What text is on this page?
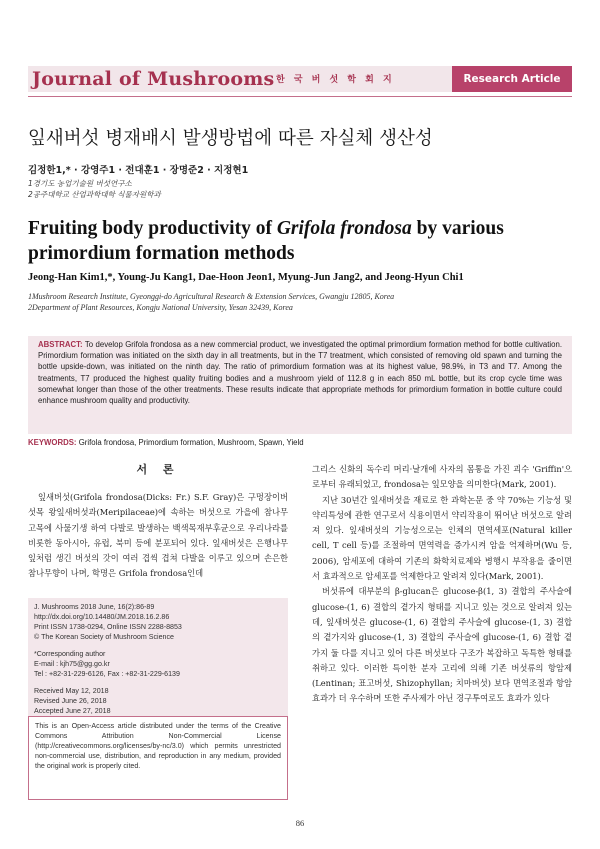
Journal of Mushrooms 한 국 버 섯 학 회 지	Research Article
잎새버섯 병재배시 발생방법에 따른 자실체 생산성
김정한1,* · 강영주1 · 전대훈1 · 장명준2 · 지정현1
1경기도 농업기술원 버섯연구소
2공주대학교 산업과학대학 식물자원학과
Fruiting body productivity of Grifola frondosa by various primordium formation methods
Jeong-Han Kim1,*, Young-Ju Kang1, Dae-Hoon Jeon1, Myung-Jun Jang2, and Jeong-Hyun Chi1
1Mushroom Research Institute, Gyeonggi-do Agricultural Research & Extension Services, Gwangju 12805, Korea
2Department of Plant Resources, Kongju National University, Yesan 32439, Korea
ABSTRACT: To develop Grifola frondosa as a new commercial product, we investigated the optimal primordium formation method for bottle cultivation. Primordium formation was initiated on the sixth day in all treatments, but in the T7 treatment, which consisted of removing old spawn and turning the bottle upside-down, was initiated on the ninth day. The ratio of primordium formation was at its highest value, 98.9%, in T3 and T7. Among the treatments, T7 produced the highest quality fruiting bodies and a mushroom yield of 112.8 g in each 850 mL bottle, but its crop cycle time was somewhat longer than those of the other treatments. These results indicate that appropriate methods for primordium formation in bottle culture could enhance mushroom quality and productivity.
KEYWORDS: Grifola frondosa, Primordium formation, Mushroom, Spawn, Yield
서 론

잎새버섯(Grifola frondosa(Dicks: Fr.) S.F. Gray)은 구멍장이버섯목 왕잎새버섯과(Meripilaceae)에 속하는 버섯으로 가을에 참나무 고목에 사물기생 하여 다발로 발생하는 백색목재부후균으로 우리나라를 비롯한 동아시아, 유럽, 북미 등에 분포되어 있다. 잎새버섯은 은행나무 잎처럼 생긴 버섯의 갓이 여러 겹씩 겹쳐 다발을 이루고 있으며 손은한 참나무향이 나며, 학명은 Grifola frondosa인데

J. Mushrooms 2018 June, 16(2):86-89
http://dx.doi.org/10.14480/JM.2018.16.2.86
Print ISSN 1738-0294, Online ISSN 2288-8853
© The Korean Society of Mushroom Science
*Corresponding author
E-mail : kjh75@gg.go.kr
Tel : +82-31-229-6126, Fax : +82-31-229-6139
Received May 12, 2018
Revised June 26, 2018
Accepted June 27, 2018
This is an Open-Access article distributed under the terms of the Creative Commons Attribution Non-Commercial License (http://creativecommons.org/licenses/by-nc/3.0) which permits unrestricted non-commercial use, distribution, and reproduction in any medium, provided the original work is properly cited.

그리스 신화의 독수리 머리·날개에 사자의 몸통을 가진 괴수 'Griffin'으로부터 유래되었고, frondosa는 잎모양을 의미한다(Mark, 2001).

지난 30년간 잎새버섯을 재료로 한 과학논문 중 약 70%는 기능성 및 약리특성에 관한 연구로서 식용이면서 약리작용이 뛰어난 버섯으로 알려져 있다. 잎새버섯의 기능성으로는 인체의 면역세포(Natural killer cell, T cell 등)를 조절하여 면역력을 증가시켜 암을 억제하며(Wu 등, 2006), 암세포에 대하여 기존의 화학치료제와 병행시 부작용을 줄이면서 효과적으로 암세포를 억제한다고 알려져 있다(Mark, 2001).

버섯류에 대부분의 β-glucan은 glucose-β(1, 3) 결합의 주사슬에 glucose-(1, 6) 결합의 곁가지 형태를 지니고 있는 것으로 알려져 있는데, 잎새버섯은 glucose-(1, 6) 결합의 주사슬에 glucose-(1, 3) 결합의 곁가지와 glucose-(1, 3) 결합의 주사슬에 glucose-(1, 6) 결합 곁가지 둘 다를 지니고 있어 다른 버섯보다 구조가 복잡하고 독특한 형태를 취하고 있다. 이러한 특이한 분자 고리에 의해 기존 버섯류의 항암제(Lentinan; 표고버섯, Shizophyllan; 치마버섯) 보다 면역조절과 항암효과가 더 우수하며 또한 주사제가 아닌 경구투여로도 효과가 있다

86
